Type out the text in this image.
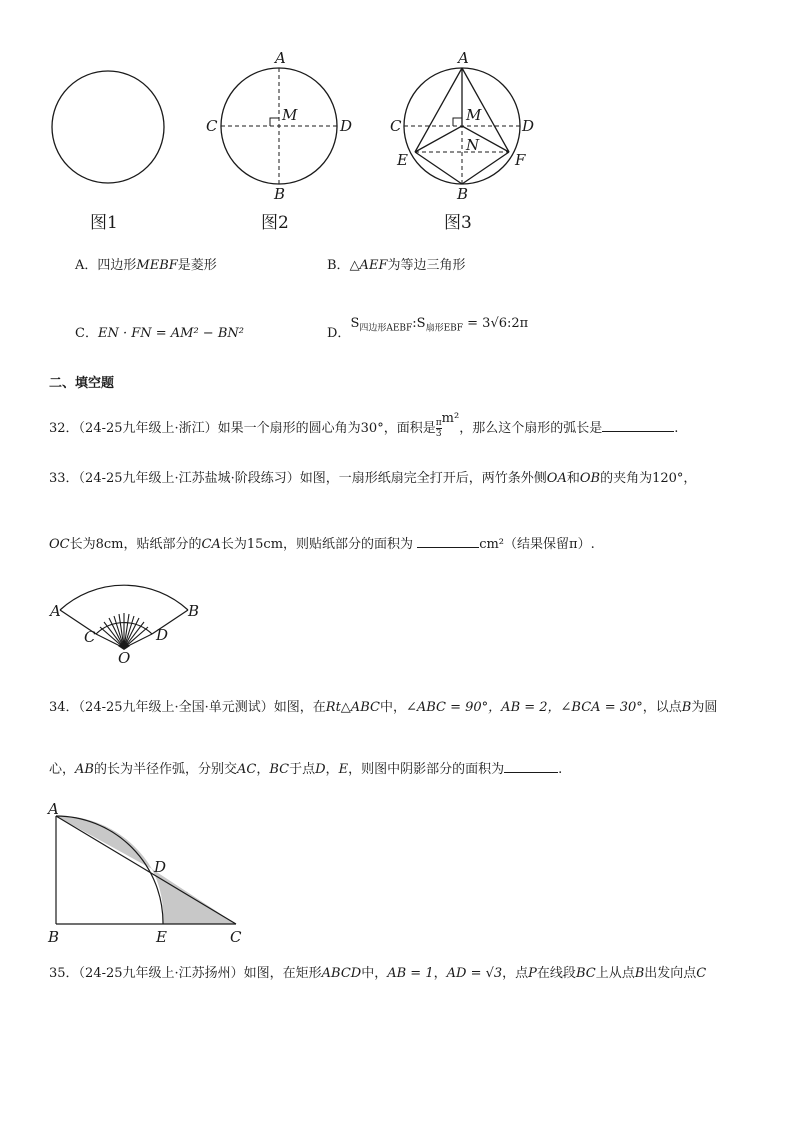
A
M
C	D
B
A
M
C	D
N
E	F
B
图1	图2	图3
A．四边形MEBF是菱形	B．△AEF为等边三角形
C．EN · FN = AM² − BN²	D．$S_{四边形AEBF}:S_{扇形EBF}$ = 3√6:2π
二、填空题
32．（24-25九年级上·浙江）如果一个扇形的圆心角为30°，面积是 $\frac{\pi}{3} m^2$，那么这个扇形的弧长是	.
33．（24-25九年级上·江苏盐城·阶段练习）如图，一扇形纸扇完全打开后，两竹条外侧OA和OB的夹角为120°，
OC长为8cm，贴纸部分的CA长为15cm，则贴纸部分的面积为	cm²（结果保留π）.
A	B
C	D
O
34．（24-25九年级上·全国·单元测试）如图，在Rt△ABC中，∠ABC = 90°，AB = 2，∠BCA = 30°，以点B为圆
心，AB的长为半径作弧，分别交AC，BC于点D，E，则图中阴影部分的面积为	.
A
D
B	E	C
35．（24-25九年级上·江苏扬州）如图，在矩形ABCD中，AB = 1，AD = √3，点P在线段BC上从点B出发向点C
